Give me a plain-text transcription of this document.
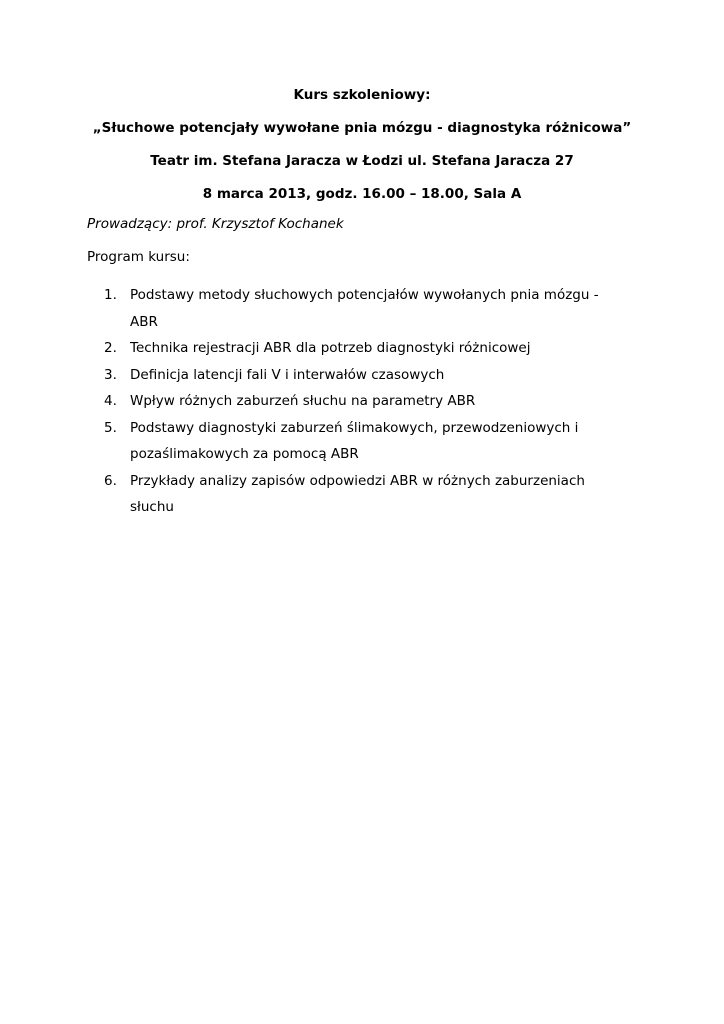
Kurs szkoleniowy:
„Słuchowe potencjały wywołane pnia mózgu - diagnostyka różnicowa”
Teatr im. Stefana Jaracza w Łodzi ul. Stefana Jaracza 27
8 marca 2013, godz. 16.00 – 18.00, Sala A
Prowadzący: prof. Krzysztof Kochanek
Program kursu:
1. Podstawy metody słuchowych potencjałów wywołanych pnia mózgu - ABR
2. Technika rejestracji ABR dla potrzeb diagnostyki różnicowej
3. Definicja latencji fali V i interwałów czasowych
4. Wpływ różnych zaburzeń słuchu na parametry ABR
5. Podstawy diagnostyki zaburzeń ślimakowych, przewodzeniowych i pozaślimakowych za pomocą ABR
6. Przykłady analizy zapisów odpowiedzi ABR w różnych zaburzeniach słuchu
